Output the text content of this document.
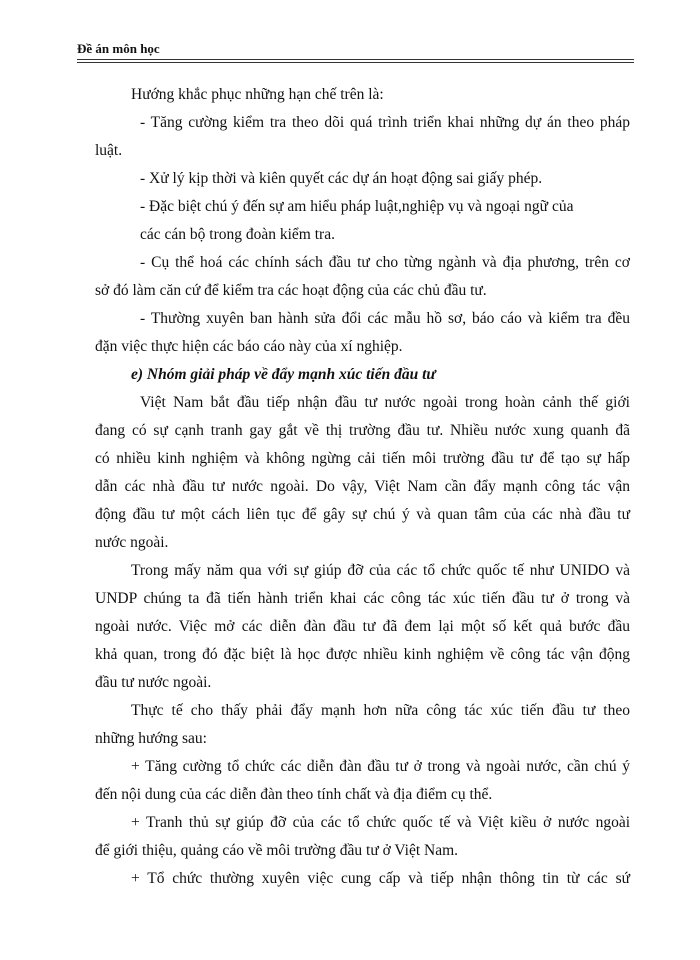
Đề án môn học
Hướng khắc phục những hạn chế trên là:
- Tăng cường kiểm tra theo dõi quá trình triển khai những dự án theo pháp
luật.
- Xử lý kịp thời và kiên quyết các dự án hoạt động sai giấy phép.
- Đặc biệt chú ý đến sự am hiểu pháp luật,nghiệp vụ và ngoại ngữ của
các cán bộ trong đoàn kiểm tra.
- Cụ thể hoá các chính sách đầu tư cho từng ngành và địa phương, trên cơ
sở đó làm căn cứ để kiểm tra các hoạt động của các chủ đầu tư.
- Thường xuyên ban hành sửa đổi các mẫu hồ sơ, báo cáo và kiểm tra đều
đặn việc thực hiện các báo cáo này của xí nghiệp.
e) Nhóm giải pháp về đẩy mạnh xúc tiến đầu tư
Việt Nam bắt đầu tiếp nhận đầu tư nước ngoài trong hoàn cảnh thế giới
đang có sự cạnh tranh gay gắt về thị trường đầu tư. Nhiều nước xung quanh đã
có nhiều kinh nghiệm và không ngừng cải tiến môi trường đầu tư để tạo sự hấp
dẫn các nhà đầu tư nước ngoài. Do vậy, Việt Nam cần đẩy mạnh công tác vận
động đầu tư một cách liên tục để gây sự chú ý và quan tâm của các nhà đầu tư
nước ngoài.
Trong mấy năm qua với sự giúp đỡ của các tổ chức quốc tế như UNIDO và
UNDP chúng ta đã tiến hành triển khai các công tác xúc tiến đầu tư ở trong và
ngoài nước. Việc mở các diễn đàn đầu tư đã đem lại một số kết quả bước đầu
khả quan, trong đó đặc biệt là học được nhiều kinh nghiệm về công tác vận động
đầu tư nước ngoài.
Thực tế cho thấy phải đẩy mạnh hơn nữa công tác xúc tiến đầu tư theo
những hướng sau:
+ Tăng cường tổ chức các diễn đàn đầu tư ở trong và ngoài nước, cần chú ý
đến nội dung của các diễn đàn theo tính chất và địa điểm cụ thể.
+ Tranh thủ sự giúp đỡ của các tổ chức quốc tế và Việt kiều ở nước ngoài
để giới thiệu, quảng cáo về môi trường đầu tư ở Việt Nam.
+ Tổ chức thường xuyên việc cung cấp và tiếp nhận thông tin từ các sứ
